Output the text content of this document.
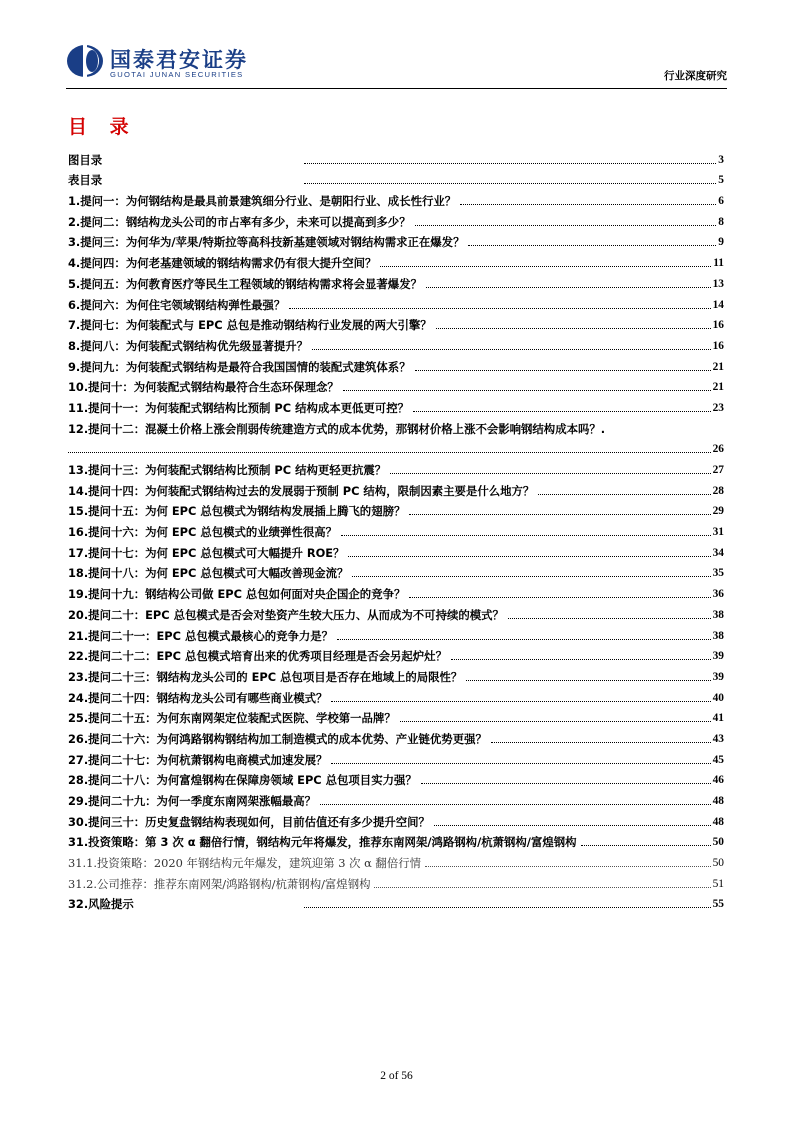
国泰君安证券
GUOTAI JUNAN SECURITIES	行业深度研究
目 录
图目录	3
表目录	5
1.提问一：为何钢结构是最具前景建筑细分行业、是朝阳行业、成长性行业？	6
2.提问二：钢结构龙头公司的市占率有多少，未来可以提高到多少？	8
3.提问三：为何华为/苹果/特斯拉等高科技新基建领域对钢结构需求正在爆发？	9
4.提问四：为何老基建领域的钢结构需求仍有很大提升空间？	11
5.提问五：为何教育医疗等民生工程领域的钢结构需求将会显著爆发？	13
6.提问六：为何住宅领域钢结构弹性最强？	14
7.提问七：为何装配式与 EPC 总包是推动钢结构行业发展的两大引擎？	16
8.提问八：为何装配式钢结构优先级显著提升？	16
9.提问九：为何装配式钢结构是最符合我国国情的装配式建筑体系？	21
10.提问十：为何装配式钢结构最符合生态环保理念？	21
11.提问十一：为何装配式钢结构比预制 PC 结构成本更低更可控？	23
12.提问十二：混凝土价格上涨会削弱传统建造方式的成本优势，那钢材价格上涨不会影响钢结构成本吗？.
26
13.提问十三：为何装配式钢结构比预制 PC 结构更轻更抗震？	27
14.提问十四：为何装配式钢结构过去的发展弱于预制 PC 结构，限制因素主要是什么地方？	28
15.提问十五：为何 EPC 总包模式为钢结构发展插上腾飞的翅膀？	29
16.提问十六：为何 EPC 总包模式的业绩弹性很高？	31
17.提问十七：为何 EPC 总包模式可大幅提升 ROE？	34
18.提问十八：为何 EPC 总包模式可大幅改善现金流？	35
19.提问十九：钢结构公司做 EPC 总包如何面对央企国企的竞争？	36
20.提问二十：EPC 总包模式是否会对垫资产生较大压力、从而成为不可持续的模式？	38
21.提问二十一：EPC 总包模式最核心的竞争力是？	38
22.提问二十二：EPC 总包模式培育出来的优秀项目经理是否会另起炉灶？	39
23.提问二十三：钢结构龙头公司的 EPC 总包项目是否存在地域上的局限性？	39
24.提问二十四：钢结构龙头公司有哪些商业模式？	40
25.提问二十五：为何东南网架定位装配式医院、学校第一品牌？	41
26.提问二十六：为何鸿路钢构钢结构加工制造模式的成本优势、产业链优势更强？	43
27.提问二十七：为何杭萧钢构电商模式加速发展？	45
28.提问二十八：为何富煌钢构在保障房领域 EPC 总包项目实力强？	46
29.提问二十九：为何一季度东南网架涨幅最高？	48
30.提问三十：历史复盘钢结构表现如何，目前估值还有多少提升空间？	48
31.投资策略：第 3 次 α 翻倍行情，钢结构元年将爆发，推荐东南网架/鸿路钢构/杭萧钢构/富煌钢构	50
31.1.投资策略：2020 年钢结构元年爆发，建筑迎第 3 次 α 翻倍行情	50
31.2.公司推荐：推荐东南网架/鸿路钢构/杭萧钢构/富煌钢构	51
32.风险提示	55
2 of 56
